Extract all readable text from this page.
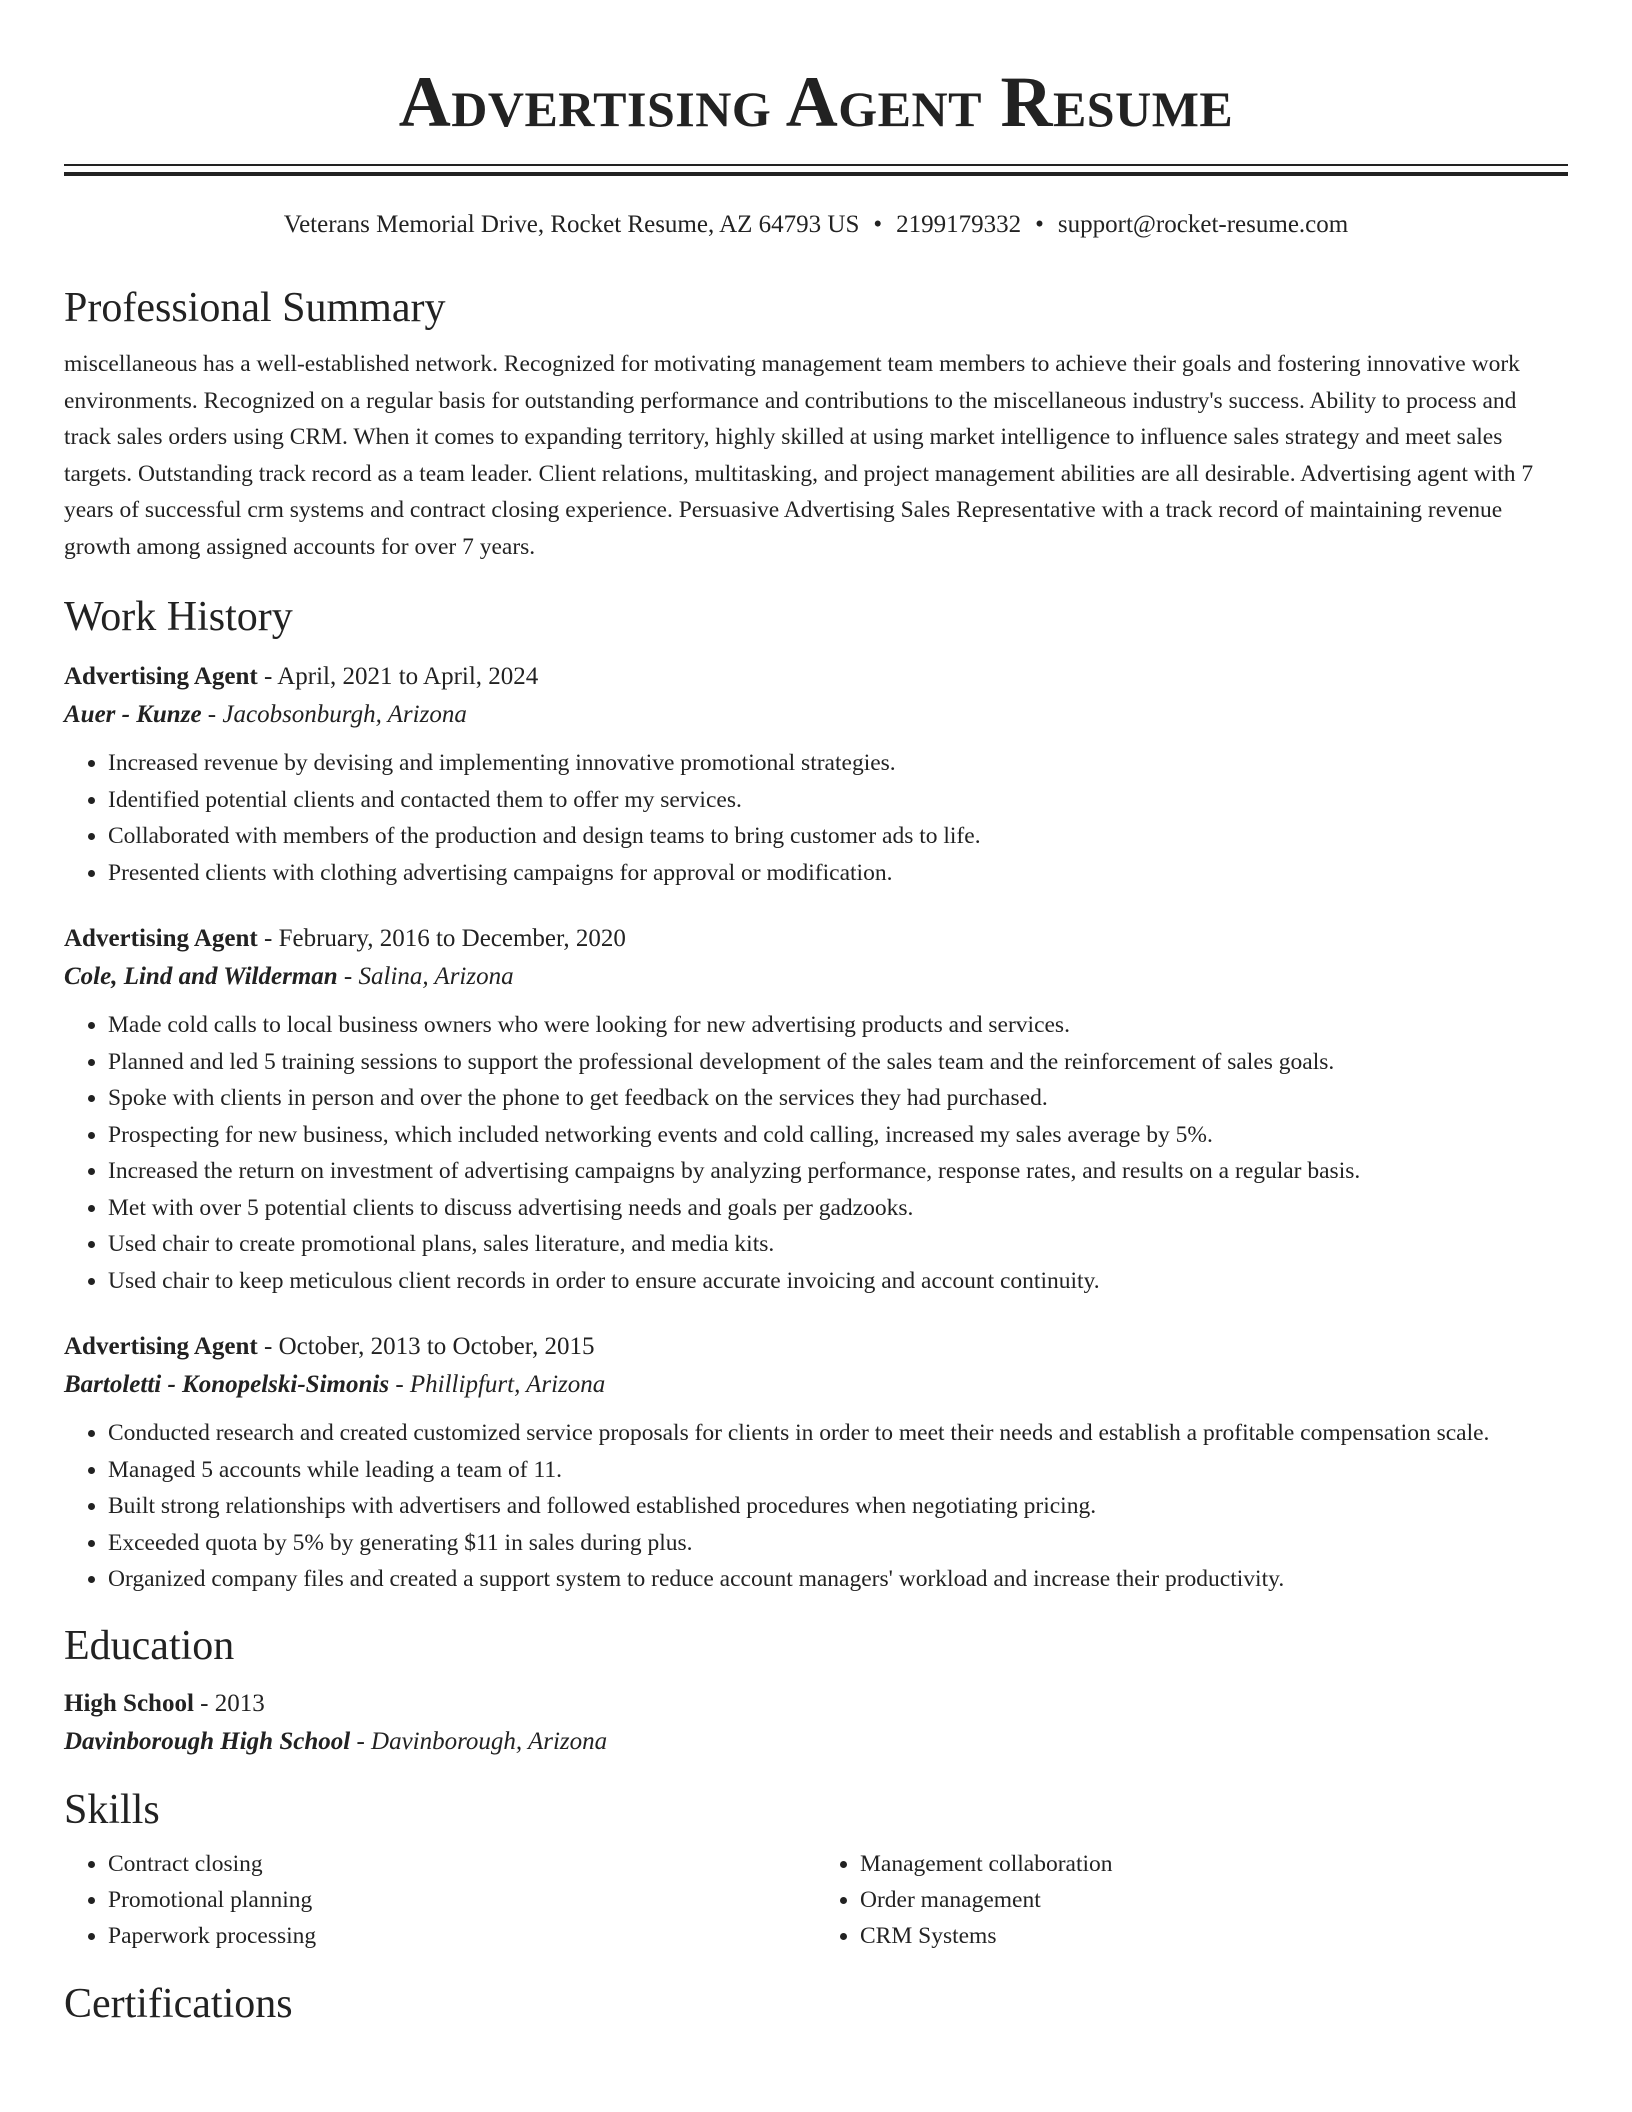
Advertising Agent Resume
Veterans Memorial Drive, Rocket Resume, AZ 64793 US • 2199179332 • support@rocket-resume.com
Professional Summary

miscellaneous has a well-established network. Recognized for motivating management team members to achieve their goals and fostering innovative work environments. Recognized on a regular basis for outstanding performance and contributions to the miscellaneous industry's success. Ability to process and track sales orders using CRM. When it comes to expanding territory, highly skilled at using market intelligence to influence sales strategy and meet sales targets. Outstanding track record as a team leader. Client relations, multitasking, and project management abilities are all desirable. Advertising agent with 7 years of successful crm systems and contract closing experience. Persuasive Advertising Sales Representative with a track record of maintaining revenue growth among assigned accounts for over 7 years.

Work History
Advertising Agent - April, 2021 to April, 2024
Auer - Kunze - Jacobsonburgh, Arizona
• Increased revenue by devising and implementing innovative promotional strategies.
• Identified potential clients and contacted them to offer my services.
• Collaborated with members of the production and design teams to bring customer ads to life.
• Presented clients with clothing advertising campaigns for approval or modification.
Advertising Agent - February, 2016 to December, 2020
Cole, Lind and Wilderman - Salina, Arizona
• Made cold calls to local business owners who were looking for new advertising products and services.
• Planned and led 5 training sessions to support the professional development of the sales team and the reinforcement of sales goals.
• Spoke with clients in person and over the phone to get feedback on the services they had purchased.
• Prospecting for new business, which included networking events and cold calling, increased my sales average by 5%.
• Increased the return on investment of advertising campaigns by analyzing performance, response rates, and results on a regular basis.
• Met with over 5 potential clients to discuss advertising needs and goals per gadzooks.
• Used chair to create promotional plans, sales literature, and media kits.
• Used chair to keep meticulous client records in order to ensure accurate invoicing and account continuity.
Advertising Agent - October, 2013 to October, 2015
Bartoletti - Konopelski-Simonis - Phillipfurt, Arizona
• Conducted research and created customized service proposals for clients in order to meet their needs and establish a profitable compensation scale.
• Managed 5 accounts while leading a team of 11.
• Built strong relationships with advertisers and followed established procedures when negotiating pricing.
• Exceeded quota by 5% by generating $11 in sales during plus.
• Organized company files and created a support system to reduce account managers' workload and increase their productivity.
Education
High School - 2013
Davinborough High School - Davinborough, Arizona
Skills
• Contract closing
• Promotional planning
• Paperwork processing
• Management collaboration
• Order management
• CRM Systems
Certifications
